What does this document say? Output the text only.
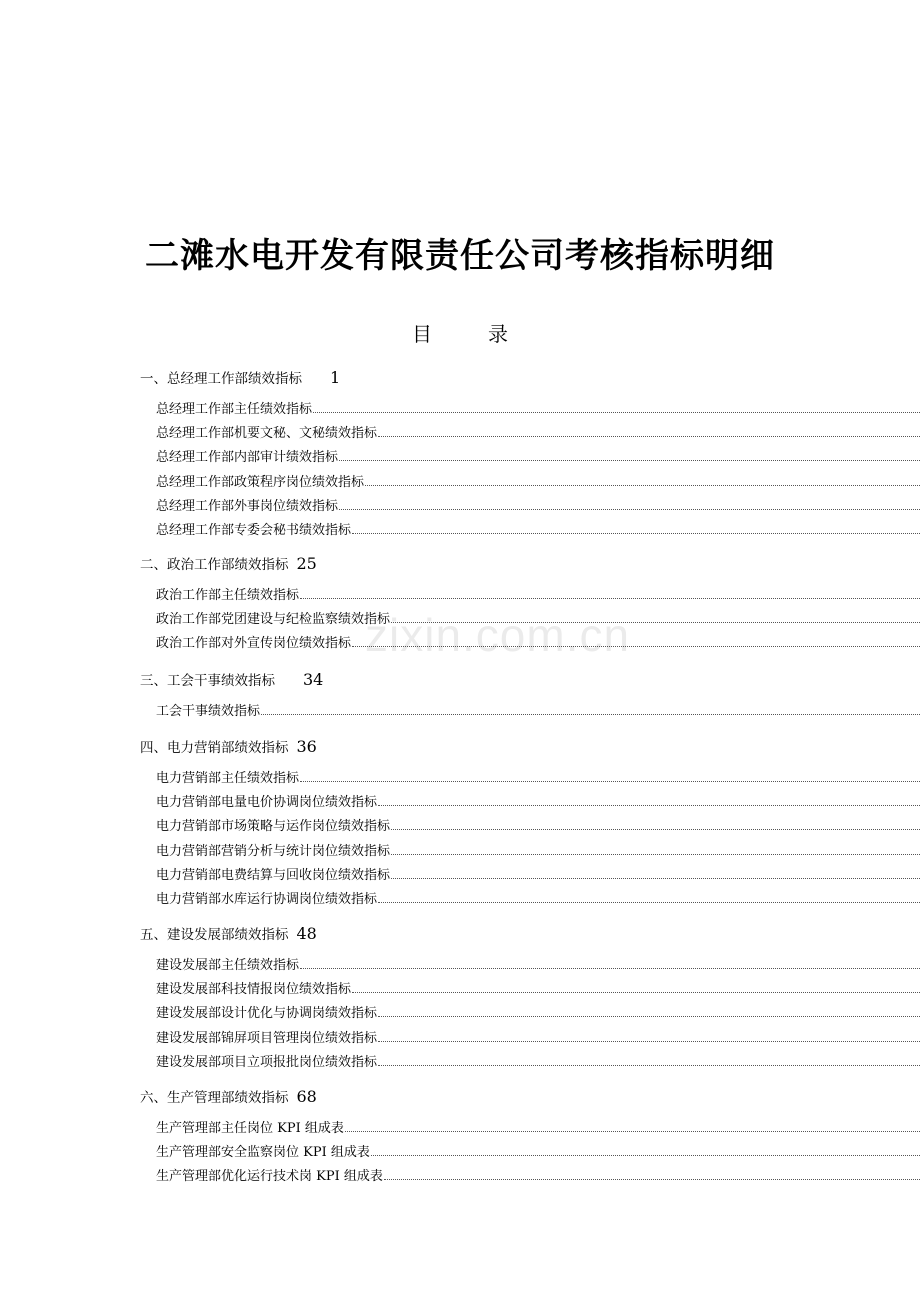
二滩水电开发有限责任公司考核指标明细
目	录
一、总经理工作部绩效指标 1
总经理工作部主任绩效指标
总经理工作部机要文秘、文秘绩效指标
总经理工作部内部审计绩效指标
总经理工作部政策程序岗位绩效指标
总经理工作部外事岗位绩效指标
总经理工作部专委会秘书绩效指标
二、政治工作部绩效指标 25
政治工作部主任绩效指标
政治工作部党团建设与纪检监察绩效指标
政治工作部对外宣传岗位绩效指标
三、工会干事绩效指标 34
工会干事绩效指标
四、电力营销部绩效指标 36
电力营销部主任绩效指标
电力营销部电量电价协调岗位绩效指标
电力营销部市场策略与运作岗位绩效指标
电力营销部营销分析与统计岗位绩效指标
电力营销部电费结算与回收岗位绩效指标
电力营销部水库运行协调岗位绩效指标
五、建设发展部绩效指标 48
建设发展部主任绩效指标
建设发展部科技情报岗位绩效指标
建设发展部设计优化与协调岗绩效指标
建设发展部锦屏项目管理岗位绩效指标
建设发展部项目立项报批岗位绩效指标
六、生产管理部绩效指标 68
生产管理部主任岗位 KPI 组成表
生产管理部安全监察岗位 KPI 组成表
生产管理部优化运行技术岗 KPI 组成表
zixin.com.cn
